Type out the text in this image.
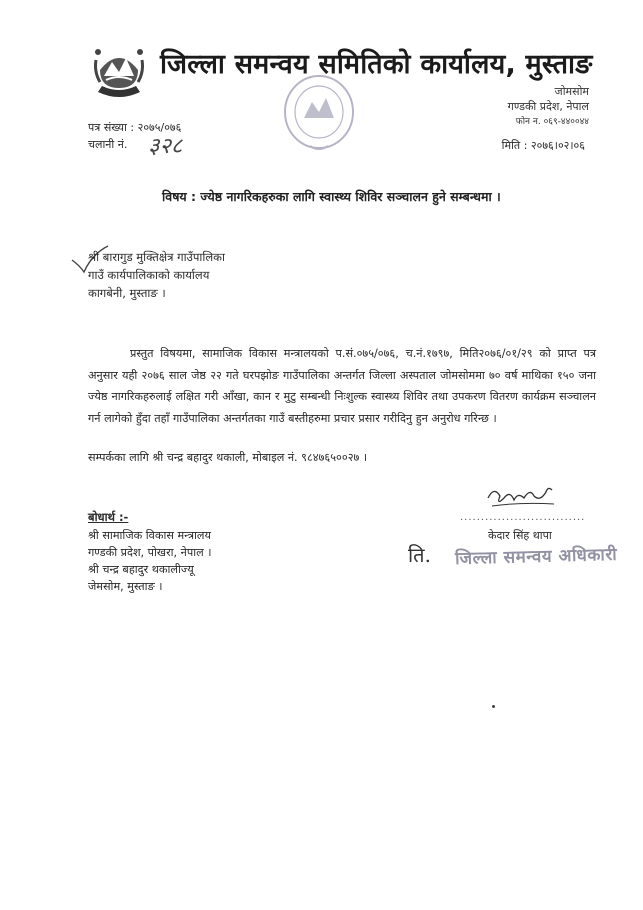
जिल्ला समन्वय समितिको कार्यालय, मुस्ताङ
जोमसोम
गण्डकी प्रदेश, नेपाल
फोन न. ०६९-४४००४४
पत्र संख्या : २०७५/०७६
चलानी नं. ३२८	मिति : २०७६।०२।०६
विषय : ज्येष्ठ नागरिकहरुका लागि स्वास्थ्य शिविर सञ्चालन हुने सम्बन्धमा ।
श्री बारागुड मुक्तिक्षेत्र गाउँपालिका
गाउँ कार्यपालिकाको कार्यालय
कागबेनी, मुस्ताङ ।
प्रस्तुत विषयमा, सामाजिक विकास मन्त्रालयको प.सं.०७५/०७६, च.नं.१७९७, मिति२०७६/०१/२९ को प्राप्त पत्र अनुसार यही २०७६ साल जेष्ठ २२ गते घरपझोङ गाउँपालिका अन्तर्गत जिल्ला अस्पताल जोमसोममा ७० वर्ष माथिका १५० जना ज्येष्ठ नागरिकहरुलाई लक्षित गरी आँखा, कान र मुटु सम्बन्धी निःशुल्क स्वास्थ्य शिविर तथा उपकरण वितरण कार्यक्रम सञ्चालन गर्न लागेको हुँदा तहाँ गाउँपालिका अन्तर्गतका गाउँ बस्तीहरुमा प्रचार प्रसार गरीदिनु हुन अनुरोध गरिन्छ ।
सम्पर्कका लागि श्री चन्द्र बहादुर थकाली, मोबाइल नं. ९८४७६५००२७ ।
..............................
केदार सिंह थापा
ति. जिल्ला समन्वय अधिकारी
बोधार्थ :-
श्री सामाजिक विकास मन्त्रालय
गण्डकी प्रदेश, पोखरा, नेपाल ।
श्री चन्द्र बहादुर थकालीज्यू
जेमसोम, मुस्ताङ ।
